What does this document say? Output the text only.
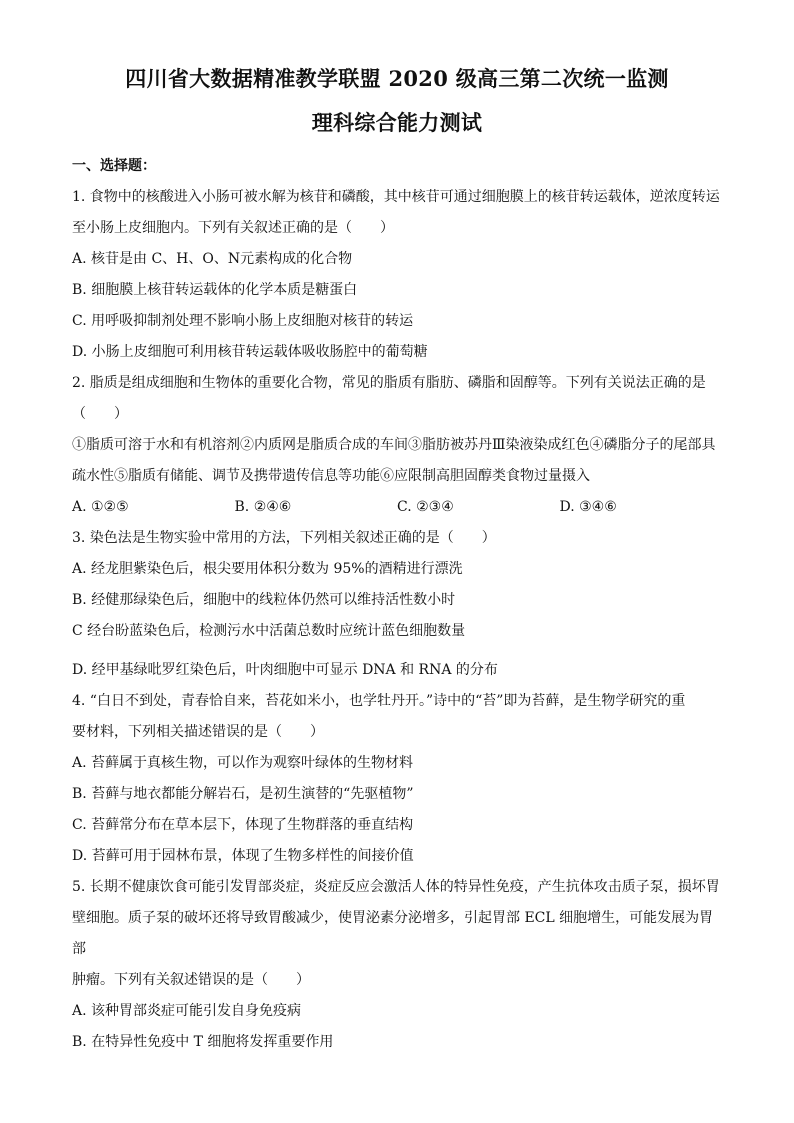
四川省大数据精准教学联盟 2020 级高三第二次统一监测
理科综合能力测试
一、选择题：

1. 食物中的核酸进入小肠可被水解为核苷和磷酸，其中核苷可通过细胞膜上的核苷转运载体，逆浓度转运

至小肠上皮细胞内。下列有关叙述正确的是（　　）

A. 核苷是由 C、H、O、N元素构成的化合物

B. 细胞膜上核苷转运载体的化学本质是糖蛋白

C. 用呼吸抑制剂处理不影响小肠上皮细胞对核苷的转运

D. 小肠上皮细胞可利用核苷转运载体吸收肠腔中的葡萄糖

2. 脂质是组成细胞和生物体的重要化合物，常见的脂质有脂肪、磷脂和固醇等。下列有关说法正确的是

（　　）

①脂质可溶于水和有机溶剂②内质网是脂质合成的车间③脂肪被苏丹Ⅲ染液染成红色④磷脂分子的尾部具

疏水性⑤脂质有储能、调节及携带遗传信息等功能⑥应限制高胆固醇类食物过量摄入

A. ①②⑤	B. ②④⑥	C. ②③④	D. ③④⑥

3. 染色法是生物实验中常用的方法，下列相关叙述正确的是（　　）

A. 经龙胆紫染色后，根尖要用体积分数为 95%的酒精进行漂洗

B. 经健那绿染色后，细胞中的线粒体仍然可以维持活性数小时

C 经台盼蓝染色后，检测污水中活菌总数时应统计蓝色细胞数量

D. 经甲基绿吡罗红染色后，叶肉细胞中可显示 DNA 和 RNA 的分布

4. “白日不到处，青春恰自来，苔花如米小，也学牡丹开。”诗中的“苔”即为苔藓，是生物学研究的重

要材料，下列相关描述错误的是（　　）

A. 苔藓属于真核生物，可以作为观察叶绿体的生物材料

B. 苔藓与地衣都能分解岩石，是初生演替的“先驱植物”

C. 苔藓常分布在草本层下，体现了生物群落的垂直结构

D. 苔藓可用于园林布景，体现了生物多样性的间接价值

5. 长期不健康饮食可能引发胃部炎症，炎症反应会激活人体的特异性免疫，产生抗体攻击质子泵，损坏胃

壁细胞。质子泵的破坏还将导致胃酸减少，使胃泌素分泌增多，引起胃部 ECL 细胞增生，可能发展为胃部

肿瘤。下列有关叙述错误的是（　　）

A. 该种胃部炎症可能引发自身免疫病

B. 在特异性免疫中 T 细胞将发挥重要作用
